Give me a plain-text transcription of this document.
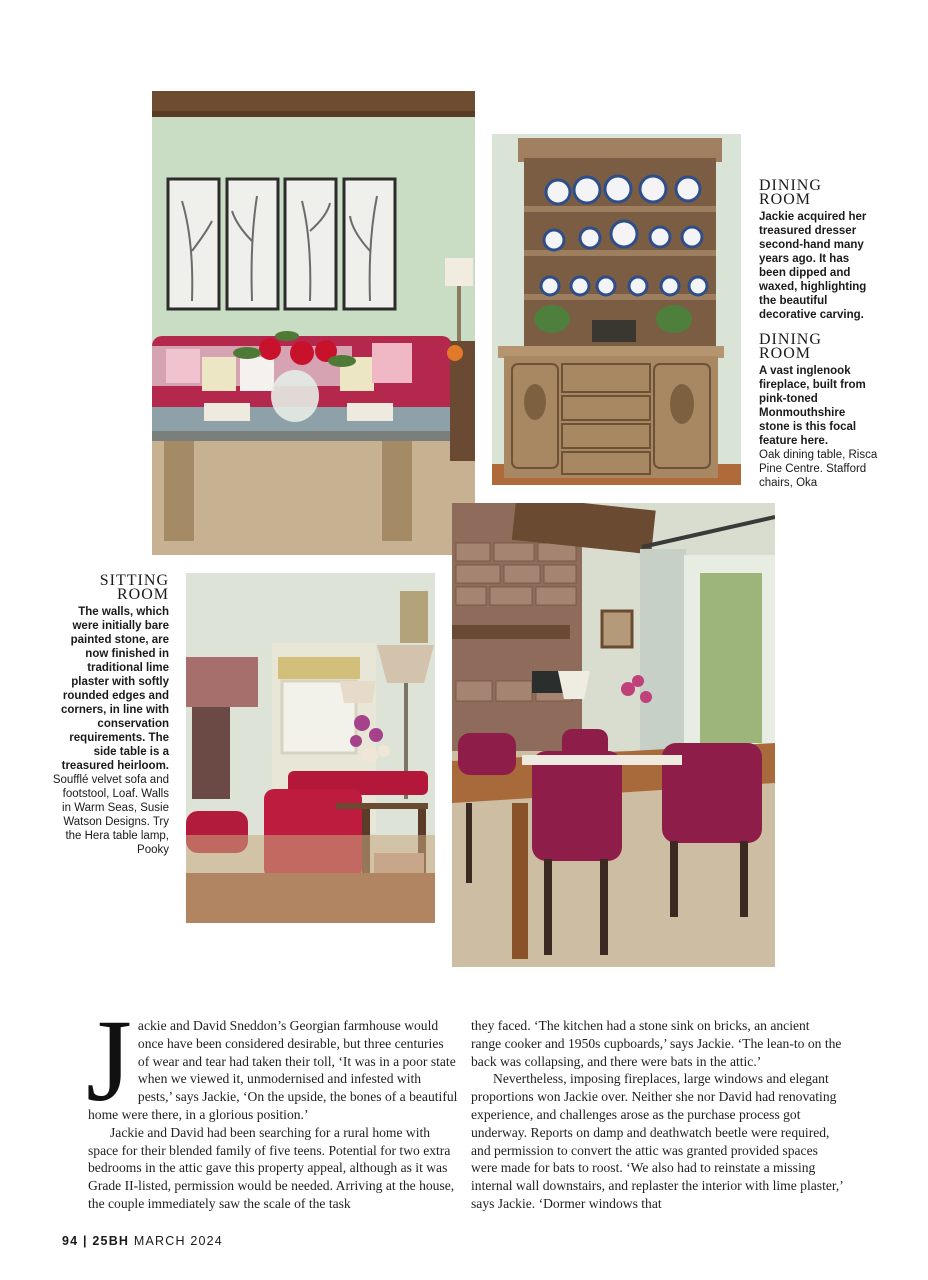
DINING
ROOM
Jackie acquired her treasured dresser second-hand many years ago. It has been dipped and waxed, highlighting the beautiful decorative carving.
DINING
ROOM
A vast inglenook fireplace, built from pink-toned Monmouthshire stone is this focal feature here.
Oak dining table, Risca Pine Centre. Stafford chairs, Oka
SITTING
ROOM
The walls, which were initially bare painted stone, are now finished in traditional lime plaster with softly rounded edges and corners, in line with conservation requirements. The side table is a treasured heirloom.
Soufflé velvet sofa and footstool, Loaf. Walls in Warm Seas, Susie Watson Designs. Try the Hera table lamp, Pooky

Jackie and David Sneddon’s Georgian farmhouse would once have been considered desirable, but three centuries of wear and tear had taken their toll, ‘It was in a poor state when we viewed it, unmodernised and infested with pests,’ says Jackie, ‘On the upside, the bones of a beautiful home were there, in a glorious position.’

Jackie and David had been searching for a rural home with space for their blended family of five teens. Potential for two extra bedrooms in the attic gave this property appeal, although as it was Grade II-listed, permission would be needed. Arriving at the house, the couple immediately saw the scale of the task

they faced. ‘The kitchen had a stone sink on bricks, an ancient range cooker and 1950s cupboards,’ says Jackie. ‘The lean-to on the back was collapsing, and there were bats in the attic.’

Nevertheless, imposing fireplaces, large windows and elegant proportions won Jackie over. Neither she nor David had renovating experience, and challenges arose as the purchase process got underway. Reports on damp and deathwatch beetle were required, and permission to convert the attic was granted provided spaces were made for bats to roost. ‘We also had to reinstate a missing internal wall downstairs, and replaster the interior with lime plaster,’ says Jackie. ‘Dormer windows that

94 | 25BH MARCH 2024
